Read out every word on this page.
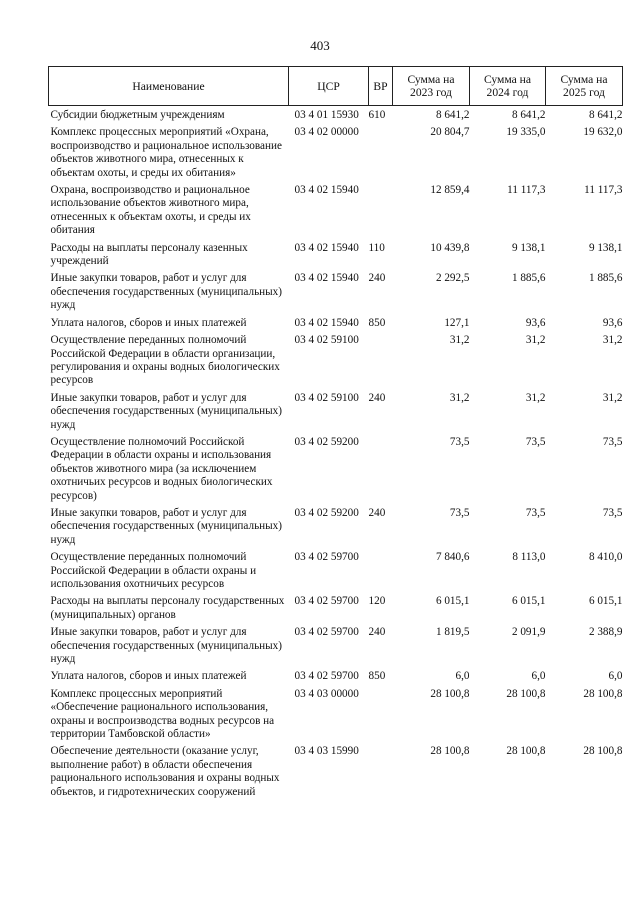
403
Наименование	ЦСР	ВР	Сумма на 2023 год	Сумма на 2024 год	Сумма на 2025 год
Субсидии бюджетным учреждениям	03 4 01 15930	610	8 641,2	8 641,2	8 641,2
Комплекс процессных мероприятий «Охрана, воспроизводство и рациональное использование объектов животного мира, отнесенных к объектам охоты, и среды их обитания»	03 4 02 00000		20 804,7	19 335,0	19 632,0
Охрана, воспроизводство и рациональное использование объектов животного мира, отнесенных к объектам охоты, и среды их обитания	03 4 02 15940		12 859,4	11 117,3	11 117,3
Расходы на выплаты персоналу казенных учреждений	03 4 02 15940	110	10 439,8	9 138,1	9 138,1
Иные закупки товаров, работ и услуг для обеспечения государственных (муниципальных) нужд	03 4 02 15940	240	2 292,5	1 885,6	1 885,6
Уплата налогов, сборов и иных платежей	03 4 02 15940	850	127,1	93,6	93,6
Осуществление переданных полномочий Российской Федерации в области организации, регулирования и охраны водных биологических ресурсов	03 4 02 59100		31,2	31,2	31,2
Иные закупки товаров, работ и услуг для обеспечения государственных (муниципальных) нужд	03 4 02 59100	240	31,2	31,2	31,2
Осуществление полномочий Российской Федерации в области охраны и использования объектов животного мира (за исключением охотничьих ресурсов и водных биологических ресурсов)	03 4 02 59200		73,5	73,5	73,5
Иные закупки товаров, работ и услуг для обеспечения государственных (муниципальных) нужд	03 4 02 59200	240	73,5	73,5	73,5
Осуществление переданных полномочий Российской Федерации в области охраны и использования охотничьих ресурсов	03 4 02 59700		7 840,6	8 113,0	8 410,0
Расходы на выплаты персоналу государственных (муниципальных) органов	03 4 02 59700	120	6 015,1	6 015,1	6 015,1
Иные закупки товаров, работ и услуг для обеспечения государственных (муниципальных) нужд	03 4 02 59700	240	1 819,5	2 091,9	2 388,9
Уплата налогов, сборов и иных платежей	03 4 02 59700	850	6,0	6,0	6,0
Комплекс процессных мероприятий «Обеспечение рационального использования, охраны и воспроизводства водных ресурсов на территории Тамбовской области»	03 4 03 00000		28 100,8	28 100,8	28 100,8
Обеспечение деятельности (оказание услуг, выполнение работ) в области обеспечения рационального использования и охраны водных объектов, и гидротехнических сооружений	03 4 03 15990		28 100,8	28 100,8	28 100,8
